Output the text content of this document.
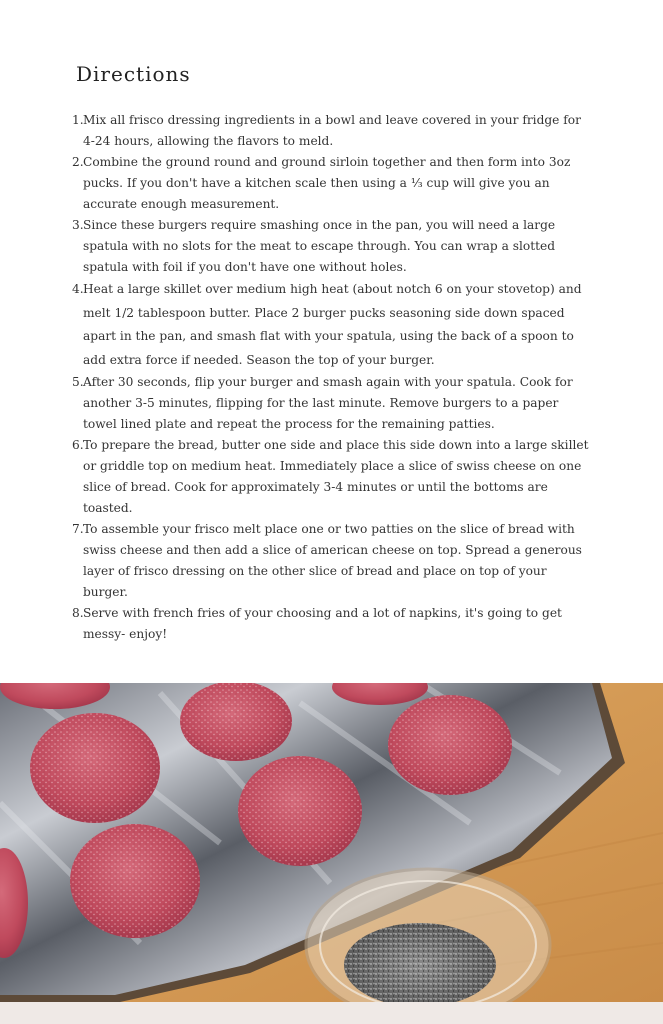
Directions
1. Mix all frisco dressing ingredients in a bowl and leave covered in your fridge for 4-24 hours, allowing the flavors to meld.
2. Combine the ground round and ground sirloin together and then form into 3oz pucks. If you don't have a kitchen scale then using a ⅓ cup will give you an accurate enough measurement.
3. Since these burgers require smashing once in the pan, you will need a large spatula with no slots for the meat to escape through. You can wrap a slotted spatula with foil if you don't have one without holes.
4. Heat a large skillet over medium high heat (about notch 6 on your stovetop) and melt 1/2 tablespoon butter. Place 2 burger pucks seasoning side down spaced apart in the pan, and smash flat with your spatula, using the back of a spoon to add extra force if needed. Season the top of your burger.
5. After 30 seconds, flip your burger and smash again with your spatula. Cook for another 3-5 minutes, flipping for the last minute. Remove burgers to a paper towel lined plate and repeat the process for the remaining patties.
6. To prepare the bread, butter one side and place this side down into a large skillet or griddle top on medium heat. Immediately place a slice of swiss cheese on one slice of bread. Cook for approximately 3-4 minutes or until the bottoms are toasted.
7. To assemble your frisco melt place one or two patties on the slice of bread with swiss cheese and then add a slice of american cheese on top. Spread a generous layer of frisco dressing on the other slice of bread and place on top of your burger.
8. Serve with french fries of your choosing and a lot of napkins, it's going to get messy- enjoy!
